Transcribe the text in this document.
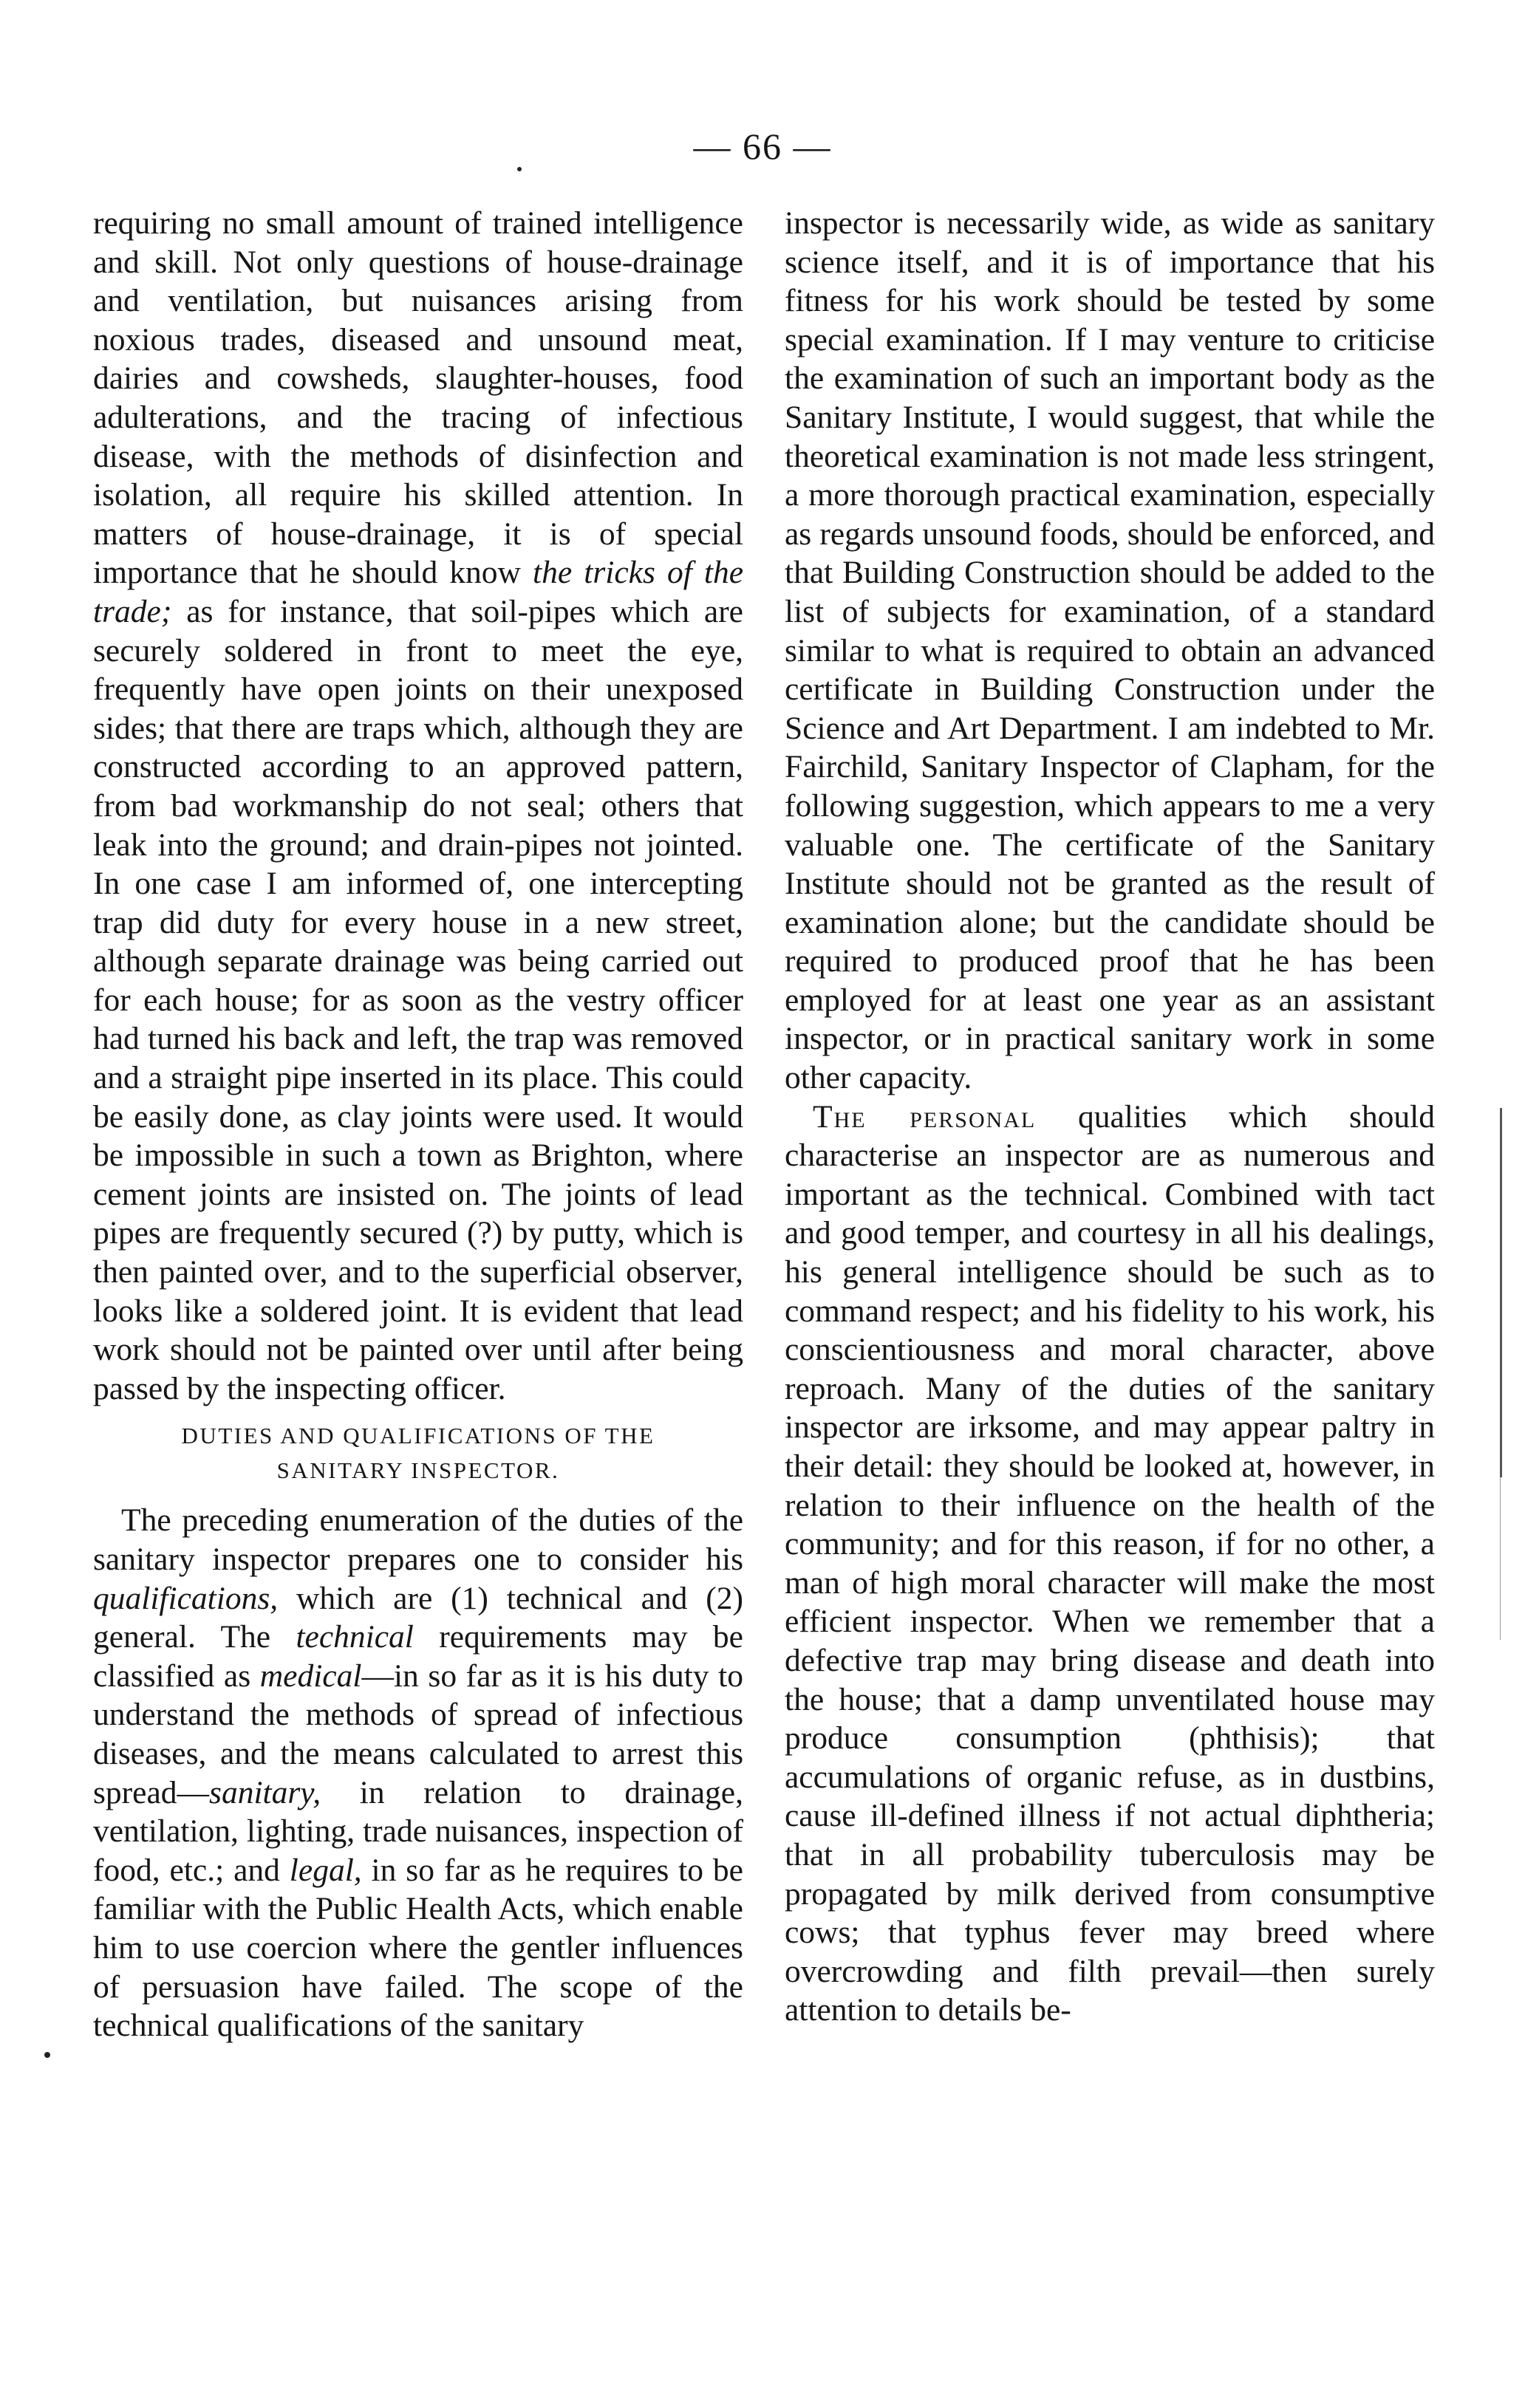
— 66 —

requiring no small amount of trained intelligence and skill. Not only questions of house-drainage and ventilation, but nuisances arising from noxious trades, diseased and unsound meat, dairies and cowsheds, slaughter-houses, food adulterations, and the tracing of infectious disease, with the methods of disinfection and isolation, all require his skilled attention. In matters of house-drainage, it is of special importance that he should know the tricks of the trade; as for instance, that soil-pipes which are securely soldered in front to meet the eye, frequently have open joints on their unexposed sides; that there are traps which, although they are constructed according to an approved pattern, from bad workmanship do not seal; others that leak into the ground; and drain-pipes not jointed. In one case I am informed of, one intercepting trap did duty for every house in a new street, although separate drainage was being carried out for each house; for as soon as the vestry officer had turned his back and left, the trap was removed and a straight pipe inserted in its place. This could be easily done, as clay joints were used. It would be impossible in such a town as Brighton, where cement joints are insisted on. The joints of lead pipes are frequently secured (?) by putty, which is then painted over, and to the superficial observer, looks like a soldered joint. It is evident that lead work should not be painted over until after being passed by the inspecting officer.

DUTIES AND QUALIFICATIONS OF THE
SANITARY INSPECTOR.

The preceding enumeration of the duties of the sanitary inspector prepares one to consider his qualifications, which are (1) technical and (2) general. The technical requirements may be classified as medical—in so far as it is his duty to understand the methods of spread of infectious diseases, and the means calculated to arrest this spread—sanitary, in relation to drainage, ventilation, lighting, trade nuisances, inspection of food, etc.; and legal, in so far as he requires to be familiar with the Public Health Acts, which enable him to use coercion where the gentler influences of persuasion have failed. The scope of the technical qualifications of the sanitary

inspector is necessarily wide, as wide as sanitary science itself, and it is of importance that his fitness for his work should be tested by some special examination. If I may venture to criticise the examination of such an important body as the Sanitary Institute, I would suggest, that while the theoretical examination is not made less stringent, a more thorough practical examination, especially as regards unsound foods, should be enforced, and that Building Construction should be added to the list of subjects for examination, of a standard similar to what is required to obtain an advanced certificate in Building Construction under the Science and Art Department. I am indebted to Mr. Fairchild, Sanitary Inspector of Clapham, for the following suggestion, which appears to me a very valuable one. The certificate of the Sanitary Institute should not be granted as the result of examination alone; but the candidate should be required to produced proof that he has been employed for at least one year as an assistant inspector, or in practical sanitary work in some other capacity.

The personal qualities which should characterise an inspector are as numerous and important as the technical. Combined with tact and good temper, and courtesy in all his dealings, his general intelligence should be such as to command respect; and his fidelity to his work, his conscientiousness and moral character, above reproach. Many of the duties of the sanitary inspector are irksome, and may appear paltry in their detail: they should be looked at, however, in relation to their influence on the health of the community; and for this reason, if for no other, a man of high moral character will make the most efficient inspector. When we remember that a defective trap may bring disease and death into the house; that a damp unventilated house may produce consumption (phthisis); that accumulations of organic refuse, as in dustbins, cause ill-defined illness if not actual diphtheria; that in all probability tuberculosis may be propagated by milk derived from consumptive cows; that typhus fever may breed where overcrowding and filth prevail—then surely attention to details be-
